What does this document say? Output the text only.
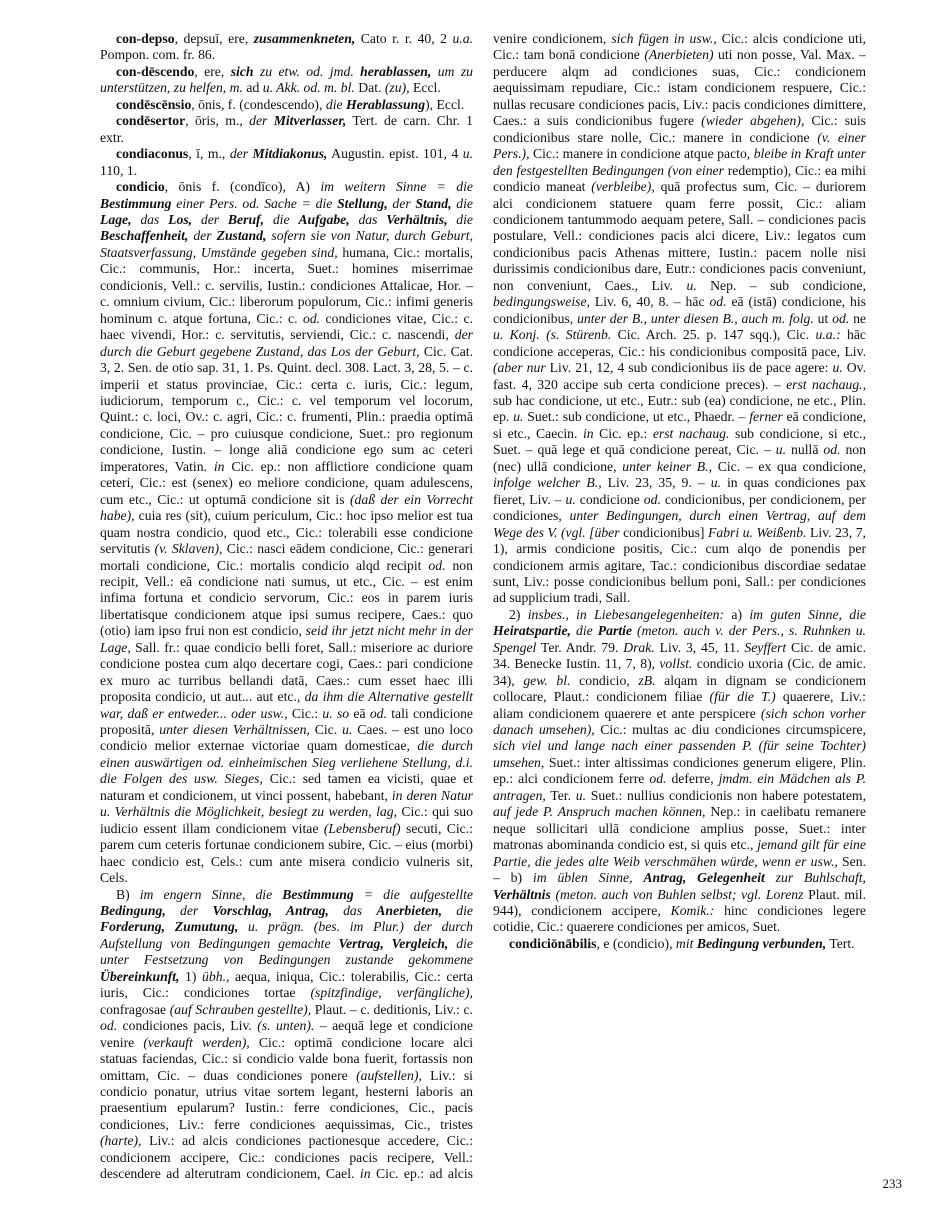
con-depso, depsuī, ere, zusammenkneten, Cato r. r. 40, 2 u.a. Pompon. com. fr. 86.

con-dēscendo, ere, sich zu etw. od. jmd. herablassen, um zu unterstützen, zu helfen, m. ad u. Akk. od. m. bl. Dat. (zu), Eccl.

condēscēnsio, ōnis, f. (condescendo), die Herablassung), Eccl.

condēsertor, ōris, m., der Mitverlasser, Tert. de carn. Chr. 1 extr.

condiaconus, ī, m., der Mitdiakonus, Augustin. epist. 101, 4 u. 110, 1.

condicio, ōnis f. (condīco), A) im weitern Sinne = die Bestimmung einer Pers. od. Sache = die Stellung, der Stand, die Lage, das Los, der Beruf, die Aufgabe, das Verhältnis, die Beschaffenheit, der Zustand, sofern sie von Natur, durch Geburt, Staatsverfassung, Umstände gegeben sind, humana, Cic.: mortalis, Cic.: communis, Hor.: incerta, Suet.: homines miserrimae condicionis, Vell.: c. servilis, Iustin.: condiciones Attalicae, Hor. – c. omnium civium, Cic.: liberorum populorum, Cic.: infimi generis hominum c. atque fortuna, Cic.: c. od. condiciones vitae, Cic.: c. haec vivendi, Hor.: c. servitutis, serviendi, Cic.: c. nascendi, der durch die Geburt gegebene Zustand, das Los der Geburt, Cic. Cat. 3, 2. Sen. de otio sap. 31, 1. Ps. Quint. decl. 308. Lact. 3, 28, 5. – c. imperii et status provinciae, Cic.: certa c. iuris, Cic.: legum, iudiciorum, temporum c., Cic.: c. vel temporum vel locorum, Quint.: c. loci, Ov.: c. agri, Cic.: c. frumenti, Plin.: praedia optimā condicione, Cic. – pro cuiusque condicione, Suet.: pro regionum condicione, Iustin. – longe aliā condicione ego sum ac ceteri imperatores, Vatin. in Cic. ep.: non afflictiore condicione quam ceteri, Cic.: est (senex) eo meliore condicione, quam adulescens, cum etc., Cic.: ut optumā condicione sit is (daß der ein Vorrecht habe), cuia res (sit), cuium periculum, Cic.: hoc ipso melior est tua quam nostra condicio, quod etc., Cic.: tolerabili esse condicione servitutis (v. Sklaven), Cic.: nasci eādem condicione, Cic.: generari mortali condicione, Cic.: mortalis condicio alqd recipit od. non recipit, Vell.: eā condicione nati sumus, ut etc., Cic. – est enim infima fortuna et condicio servorum, Cic.: eos in parem iuris libertatisque condicionem atque ipsi sumus recipere, Caes.: quo (otio) iam ipso frui non est condicio, seid ihr jetzt nicht mehr in der Lage, Sall. fr.: quae condicio belli foret, Sall.: miseriore ac duriore condicione postea cum alqo decertare cogi, Caes.: pari condicione ex muro ac turribus bellandi datā, Caes.: cum esset haec illi proposita condicio, ut aut... aut etc., da ihm die Alternative gestellt war, daß er entweder... oder usw., Cic.: u. so eā od. tali condicione propositā, unter diesen Verhältnissen, Cic. u. Caes. – est uno loco condicio melior externae victoriae quam domesticae, die durch einen auswärtigen od. einheimischen Sieg verliehene Stellung, d.i. die Folgen des usw. Sieges, Cic.: sed tamen ea vicisti, quae et naturam et condicionem, ut vinci possent, habebant, in deren Natur u. Verhältnis die Möglichkeit, besiegt zu werden, lag, Cic.: qui suo iudicio essent illam condicionem vitae (Lebensberuf) secuti, Cic.: parem cum ceteris fortunae condicionem subire, Cic. – eius (morbi) haec condicio est, Cels.: cum ante misera condicio vulneris sit, Cels.

B) im engern Sinne, die Bestimmung = die aufgestellte Bedingung, der Vorschlag, Antrag, das Anerbieten, die Forderung, Zumutung, u. prägn. (bes. im Plur.) der durch Aufstellung von Bedingungen gemachte Vertrag, Vergleich, die unter Festsetzung von Bedingungen zustande gekommene Übereinkunft, 1) übh., aequa, iniqua, Cic.: tolerabilis, Cic.: certa iuris, Cic.: condiciones tortae (spitzfindige, verfängliche), confragosae (auf Schrauben gestellte), Plaut. – c. deditionis, Liv.: c. od. condiciones pacis, Liv. (s. unten). – aequā lege et condicione venire (verkauft werden), Cic.: optimā condicione locare alci statuas faciendas, Cic.: si condicio valde bona fuerit, fortassis non omittam, Cic. – duas condiciones ponere (aufstellen), Liv.: si condicio ponatur, utrius vitae sortem legant, hesterni laboris an praesentium epularum? Iustin.: ferre condiciones, Cic., pacis condiciones, Liv.: ferre condiciones aequissimas, Cic., tristes (harte), Liv.: ad alcis condiciones pactionesque accedere, Cic.: condicionem accipere, Cic.: condiciones pacis recipere, Vell.: descendere ad alterutram condicionem, Cael. in Cic. ep.: ad alcis venire condicionem, sich fügen in usw., Cic.: alcis condicione uti, Cic.: tam bonā condicione (Anerbieten) uti non posse, Val. Max. – perducere alqm ad condiciones suas, Cic.: condicionem aequissimam repudiare, Cic.: istam condicionem respuere, Cic.: nullas recusare condiciones pacis, Liv.: pacis condiciones dimittere, Caes.: a suis condicionibus fugere (wieder abgehen), Cic.: suis condicionibus stare nolle, Cic.: manere in condicione (v. einer Pers.), Cic.: manere in condicione atque pacto, bleibe in Kraft unter den festgestellten Bedingungen (von einer redemptio), Cic.: ea mihi condicio maneat (verbleibe), quā profectus sum, Cic. – duriorem alci condicionem statuere quam ferre possit, Cic.: aliam condicionem tantummodo aequam petere, Sall. – condiciones pacis postulare, Vell.: condiciones pacis alci dicere, Liv.: legatos cum condicionibus pacis Athenas mittere, Iustin.: pacem nolle nisi durissimis condicionibus dare, Eutr.: condiciones pacis conveniunt, non conveniunt, Caes., Liv. u. Nep. – sub condicione, bedingungsweise, Liv. 6, 40, 8. – hāc od. eā (istā) condicione, his condicionibus, unter der B., unter diesen B., auch m. folg. ut od. ne u. Konj. (s. Stürenb. Cic. Arch. 25. p. 147 sqq.), Cic. u.a.: hāc condicione acceperas, Cic.: his condicionibus compositā pace, Liv. (aber nur Liv. 21, 12, 4 sub condicionibus iis de pace agere: u. Ov. fast. 4, 320 accipe sub certa condicione preces). – erst nachaug., sub hac condicione, ut etc., Eutr.: sub (ea) condicione, ne etc., Plin. ep. u. Suet.: sub condicione, ut etc., Phaedr. – ferner eā condicione, si etc., Caecin. in Cic. ep.: erst nachaug. sub condicione, si etc., Suet. – quā lege et quā condicione pereat, Cic. – u. nullā od. non (nec) ullā condicione, unter keiner B., Cic. – ex qua condicione, infolge welcher B., Liv. 23, 35, 9. – u. in quas condiciones pax fieret, Liv. – u. condicione od. condicionibus, per condicionem, per condiciones, unter Bedingungen, durch einen Vertrag, auf dem Wege des V. (vgl. [über condicionibus] Fabri u. Weißenb. Liv. 23, 7, 1), armis condicione positis, Cic.: cum alqo de ponendis per condicionem armis agitare, Tac.: condicionibus discordiae sedatae sunt, Liv.: posse condicionibus bellum poni, Sall.: per condiciones ad supplicium tradi, Sall.

2) insbes., in Liebesangelegenheiten: a) im guten Sinne, die Heiratspartie, die Partie (meton. auch v. der Pers., s. Ruhnken u. Spengel Ter. Andr. 79. Drak. Liv. 3, 45, 11. Seyffert Cic. de amic. 34. Benecke Iustin. 11, 7, 8), vollst. condicio uxoria (Cic. de amic. 34), gew. bl. condicio, zB. alqam in dignam se condicionem collocare, Plaut.: condicionem filiae (für die T.) quaerere, Liv.: aliam condicionem quaerere et ante perspicere (sich schon vorher danach umsehen), Cic.: multas ac diu condiciones circumspicere, sich viel und lange nach einer passenden P. (für seine Tochter) umsehen, Suet.: inter altissimas condiciones generum eligere, Plin. ep.: alci condicionem ferre od. deferre, jmdm. ein Mädchen als P. antragen, Ter. u. Suet.: nullius condicionis non habere potestatem, auf jede P. Anspruch machen können, Nep.: in caelibatu remanere neque sollicitari ullā condicione amplius posse, Suet.: inter matronas abominanda condicio est, si quis etc., jemand gilt für eine Partie, die jedes alte Weib verschmähen würde, wenn er usw., Sen. – b) im üblen Sinne, Antrag, Gelegenheit zur Buhlschaft, Verhältnis (meton. auch von Buhlen selbst; vgl. Lorenz Plaut. mil. 944), condicionem accipere, Komik.: hinc condiciones legere cotidie, Cic.: quaerere condiciones per amicos, Suet.

condiciōnābilis, e (condicio), mit Bedingung verbunden, Tert.

233
